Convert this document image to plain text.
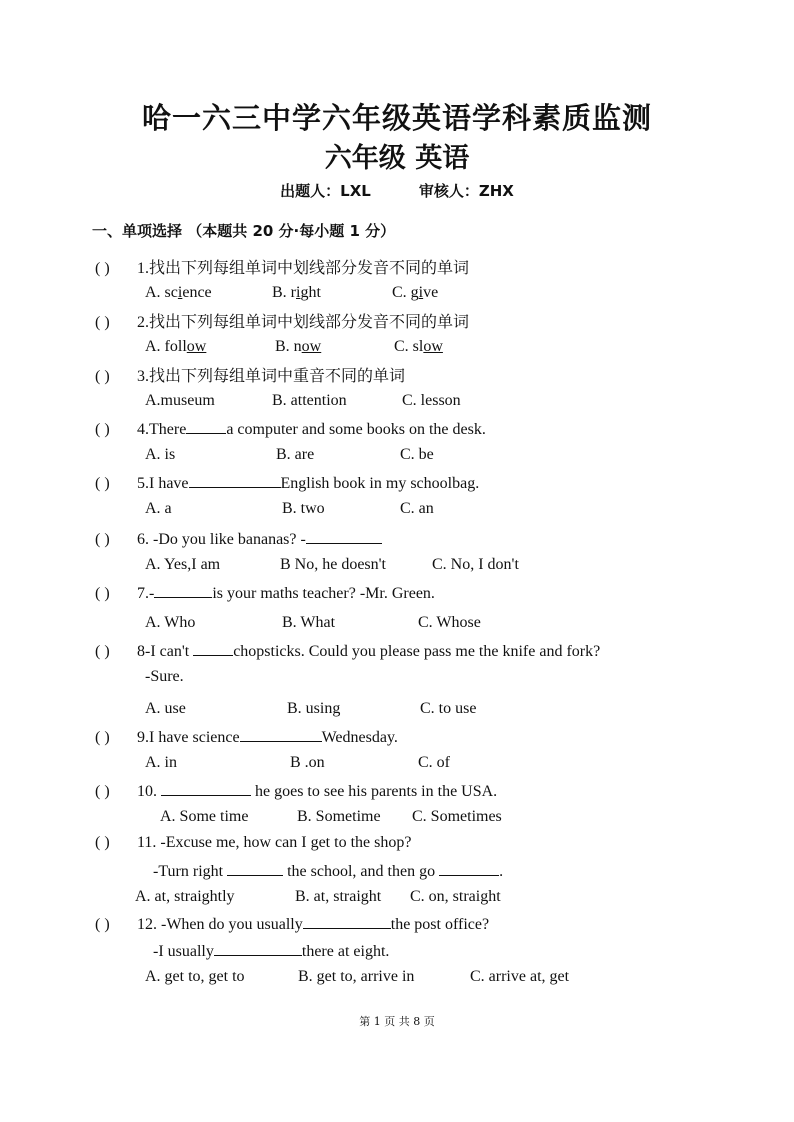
哈一六三中学六年级英语学科素质监测
六年级 英语
出题人：LXL	审核人：ZHX
一、单项选择 （本题共 20 分·每小题 1 分）
( ) 1.找出下列每组单词中划线部分发音不同的单词
A. science	B. right	C. give
( ) 2.找出下列每组单词中划线部分发音不同的单词
A. follow	B. now	C. slow
( ) 3.找出下列每组单词中重音不同的单词
A.museum	B. attention	C. lesson
( ) 4.There	a computer and some books on the desk.
A. is	B. are	C. be
( ) 5.I have	English book in my schoolbag.
A. a	B. two	C. an
( ) 6. -Do you like bananas? -
A. Yes,I am	B No, he doesn't	C. No, I don't
( ) 7.-	is your maths teacher? -Mr. Green.
A. Who	B. What	C. Whose
( ) 8-I can't	chopsticks. Could you please pass me the knife and fork?
-Sure.
A. use	B. using	C. to use
( ) 9.I have science	Wednesday.
A. in	B .on	C. of
( ) 10.	he goes to see his parents in the USA.
A. Some time	B. Sometime C. Sometimes
( ) 11. -Excuse me, how can I get to the shop?
-Turn right	the school, and then go	.
A. at, straightly	B. at, straight C. on, straight
( ) 12. -When do you usually	the post office?
-I usually	there at eight.
A. get to, get to	B. get to, arrive in	C. arrive at, get
第 1 页 共 8 页
